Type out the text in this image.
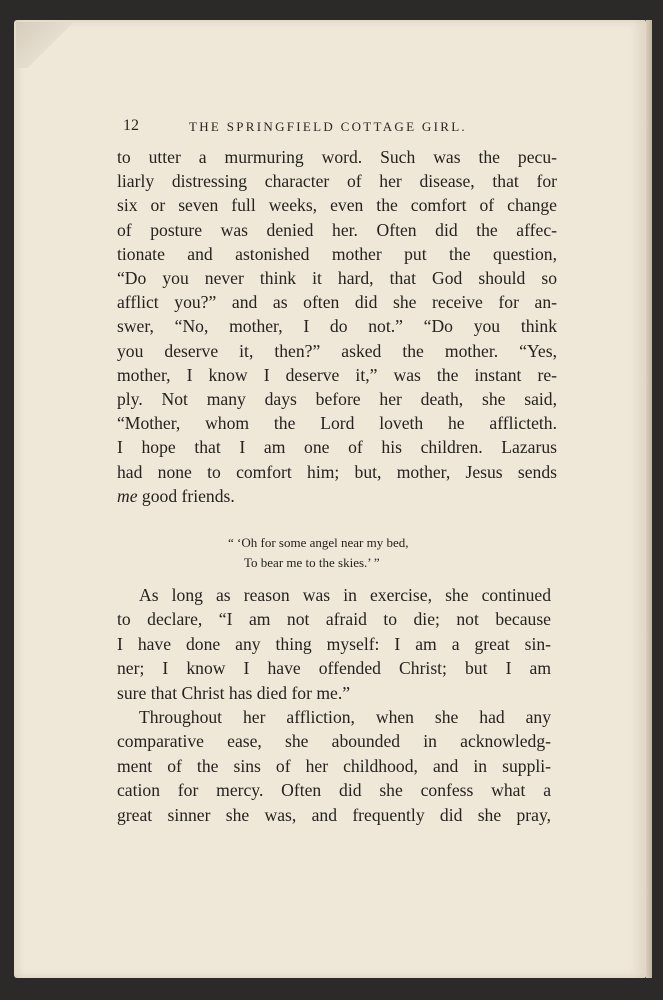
12	THE SPRINGFIELD COTTAGE GIRL.
to utter a murmuring word. Such was the pecu-
liarly distressing character of her disease, that for
six or seven full weeks, even the comfort of change
of posture was denied her. Often did the affec-
tionate and astonished mother put the question,
“Do you never think it hard, that God should so
afflict you?” and as often did she receive for an-
swer, “No, mother, I do not.” “Do you think
you deserve it, then?” asked the mother. “Yes,
mother, I know I deserve it,” was the instant re-
ply. Not many days before her death, she said,
“Mother, whom the Lord loveth he afflicteth.
I hope that I am one of his children. Lazarus
had none to comfort him; but, mother, Jesus sends
me good friends.
“ ‘Oh for some angel near my bed,
To bear me to the skies.’ ”
As long as reason was in exercise, she continued
to declare, “I am not afraid to die; not because
I have done any thing myself: I am a great sin-
ner; I know I have offended Christ; but I am
sure that Christ has died for me.”
Throughout her affliction, when she had any
comparative ease, she abounded in acknowledg-
ment of the sins of her childhood, and in suppli-
cation for mercy. Often did she confess what a
great sinner she was, and frequently did she pray,
